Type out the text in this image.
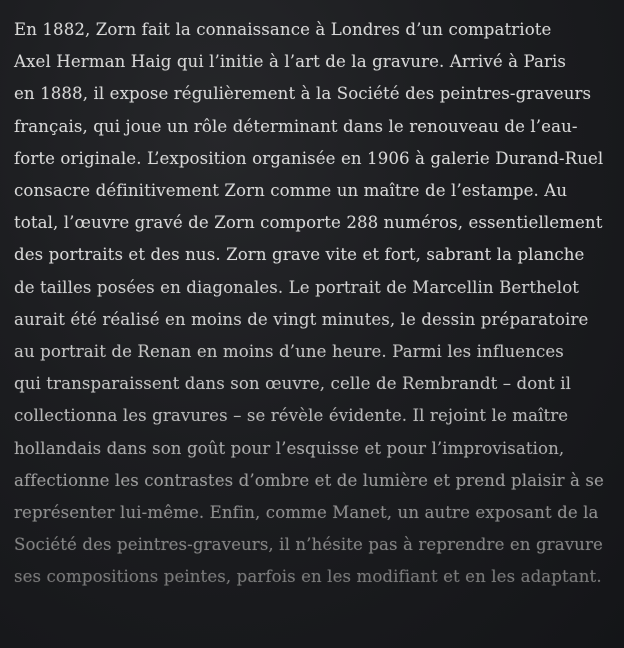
En 1882, Zorn fait la connaissance à Londres d’un compatriote
Axel Herman Haig qui l’initie à l’art de la gravure. Arrivé à Paris
en 1888, il expose régulièrement à la Société des peintres-graveurs
français, qui joue un rôle déterminant dans le renouveau de l’eau-
forte originale. L’exposition organisée en 1906 à galerie Durand-Ruel
consacre définitivement Zorn comme un maître de l’estampe. Au
total, l’œuvre gravé de Zorn comporte 288 numéros, essentiellement
des portraits et des nus. Zorn grave vite et fort, sabrant la planche
de tailles posées en diagonales. Le portrait de Marcellin Berthelot
aurait été réalisé en moins de vingt minutes, le dessin préparatoire
au portrait de Renan en moins d’une heure. Parmi les influences
qui transparaissent dans son œuvre, celle de Rembrandt – dont il
collectionna les gravures – se révèle évidente. Il rejoint le maître
hollandais dans son goût pour l’esquisse et pour l’improvisation,
affectionne les contrastes d’ombre et de lumière et prend plaisir à se
représenter lui-même. Enfin, comme Manet, un autre exposant de la
Société des peintres-graveurs, il n’hésite pas à reprendre en gravure
ses compositions peintes, parfois en les modifiant et en les adaptant.
